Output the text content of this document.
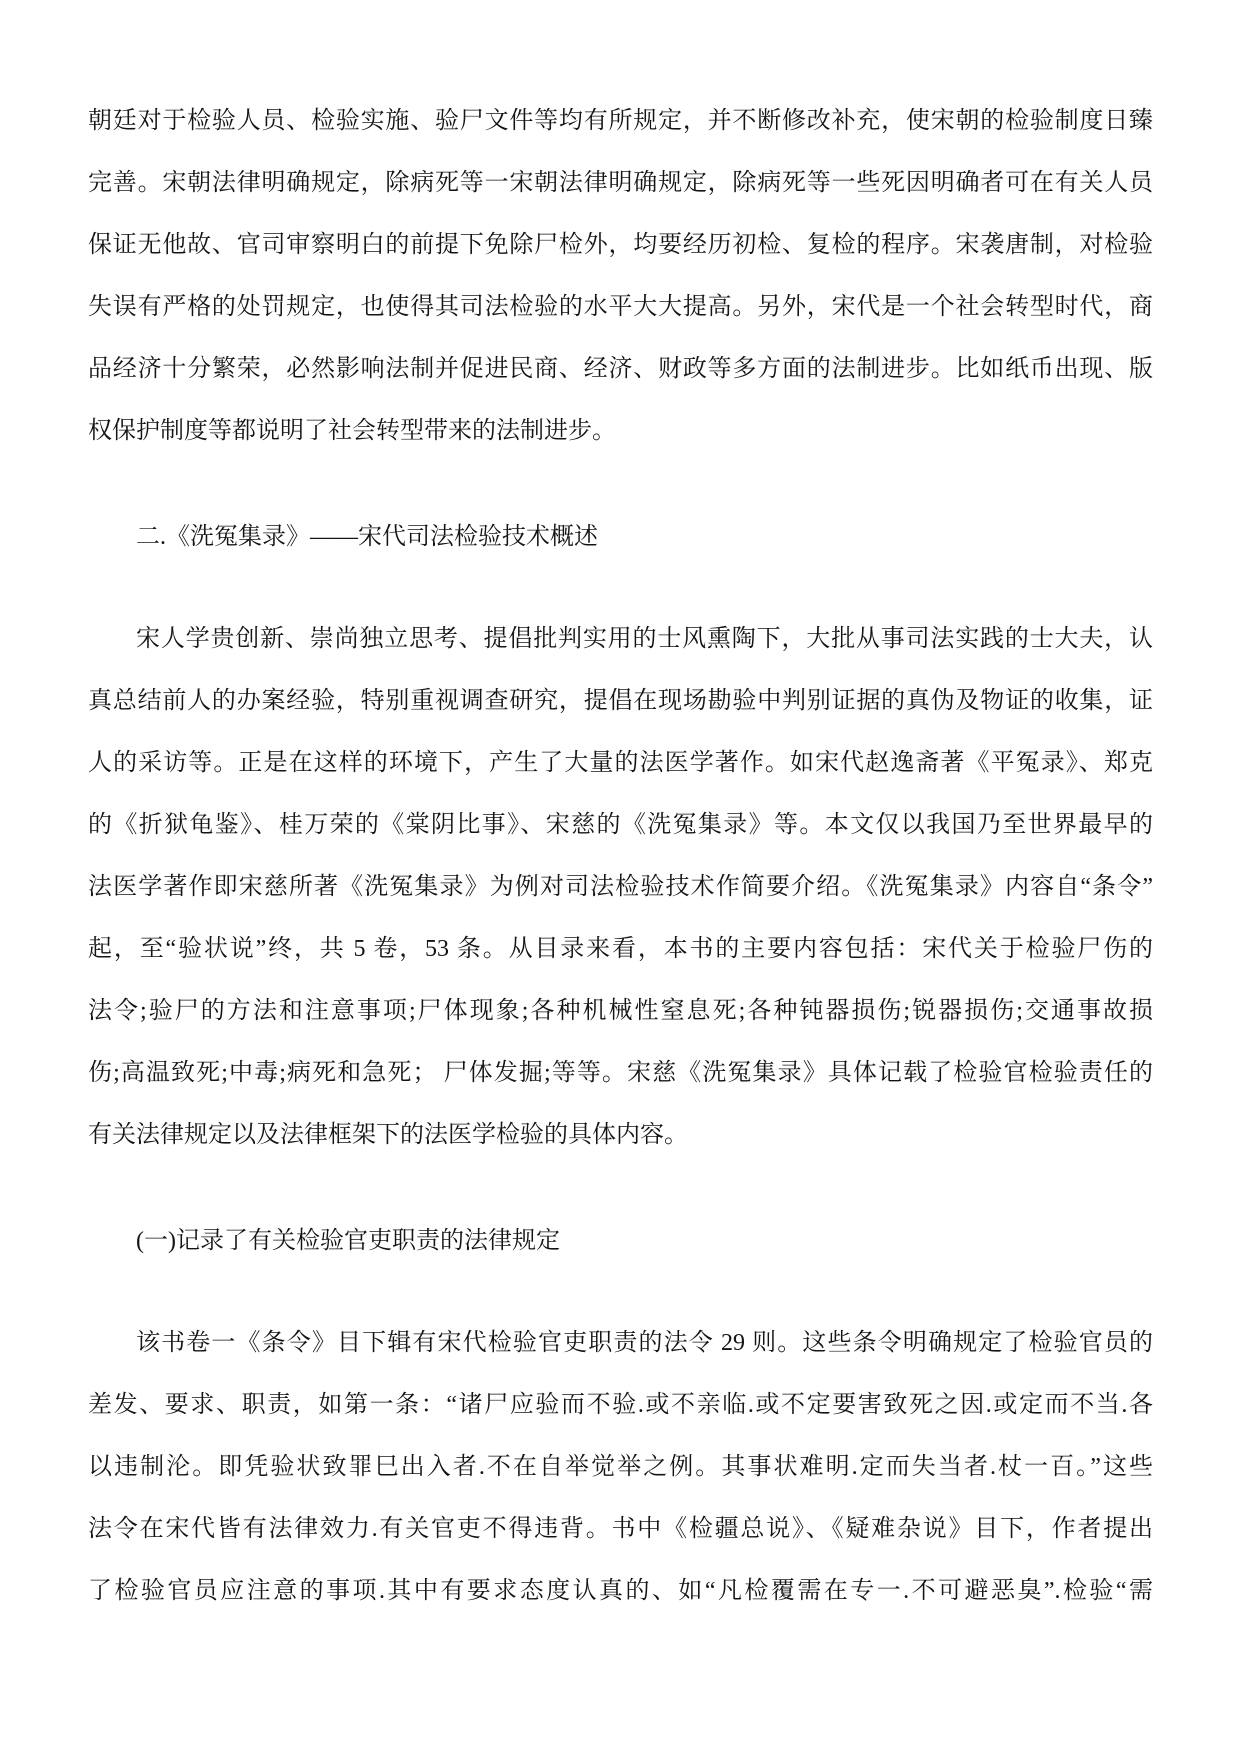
朝廷对于检验人员、检验实施、验尸文件等均有所规定，并不断修改补充，使宋朝的检验制度日臻

完善。宋朝法律明确规定，除病死等一宋朝法律明确规定，除病死等一些死因明确者可在有关人员

保证无他故、官司审察明白的前提下免除尸检外，均要经历初检、复检的程序。宋袭唐制，对检验

失误有严格的处罚规定，也使得其司法检验的水平大大提高。另外，宋代是一个社会转型时代，商

品经济十分繁荣，必然影响法制并促进民商、经济、财政等多方面的法制进步。比如纸币出现、版

权保护制度等都说明了社会转型带来的法制进步。

二.《洗冤集录》——宋代司法检验技术概述

宋人学贵创新、崇尚独立思考、提倡批判实用的士风熏陶下，大批从事司法实践的士大夫，认

真总结前人的办案经验，特别重视调查研究，提倡在现场勘验中判别证据的真伪及物证的收集，证

人的采访等。正是在这样的环境下，产生了大量的法医学著作。如宋代赵逸斋著《平冤录》、郑克

的《折狱龟鉴》、桂万荣的《棠阴比事》、宋慈的《洗冤集录》等。本文仅以我国乃至世界最早的

法医学著作即宋慈所著《洗冤集录》为例对司法检验技术作简要介绍。《洗冤集录》内容自“条令”

起，至“验状说”终，共 5 卷，53 条。从目录来看，本书的主要内容包括：宋代关于检验尸伤的

法令;验尸的方法和注意事项;尸体现象;各种机械性窒息死;各种钝器损伤;锐器损伤;交通事故损

伤;高温致死;中毒;病死和急死； 尸体发掘;等等。宋慈《洗冤集录》具体记载了检验官检验责任的

有关法律规定以及法律框架下的法医学检验的具体内容。

(一)记录了有关检验官吏职责的法律规定

该书卷一《条令》目下辑有宋代检验官吏职责的法令 29 则。这些条令明确规定了检验官员的

差发、要求、职责，如第一条：“诸尸应验而不验.或不亲临.或不定要害致死之因.或定而不当.各

以违制沦。即凭验状致罪巳出入者.不在自举觉举之例。其事状难明.定而失当者.杖一百。”这些

法令在宋代皆有法律效力.有关官吏不得违背。书中《检疆总说》、《疑难杂说》目下，作者提出

了检验官员应注意的事项.其中有要求态度认真的、如“凡检覆需在专一.不可避恶臭”.检验“需
